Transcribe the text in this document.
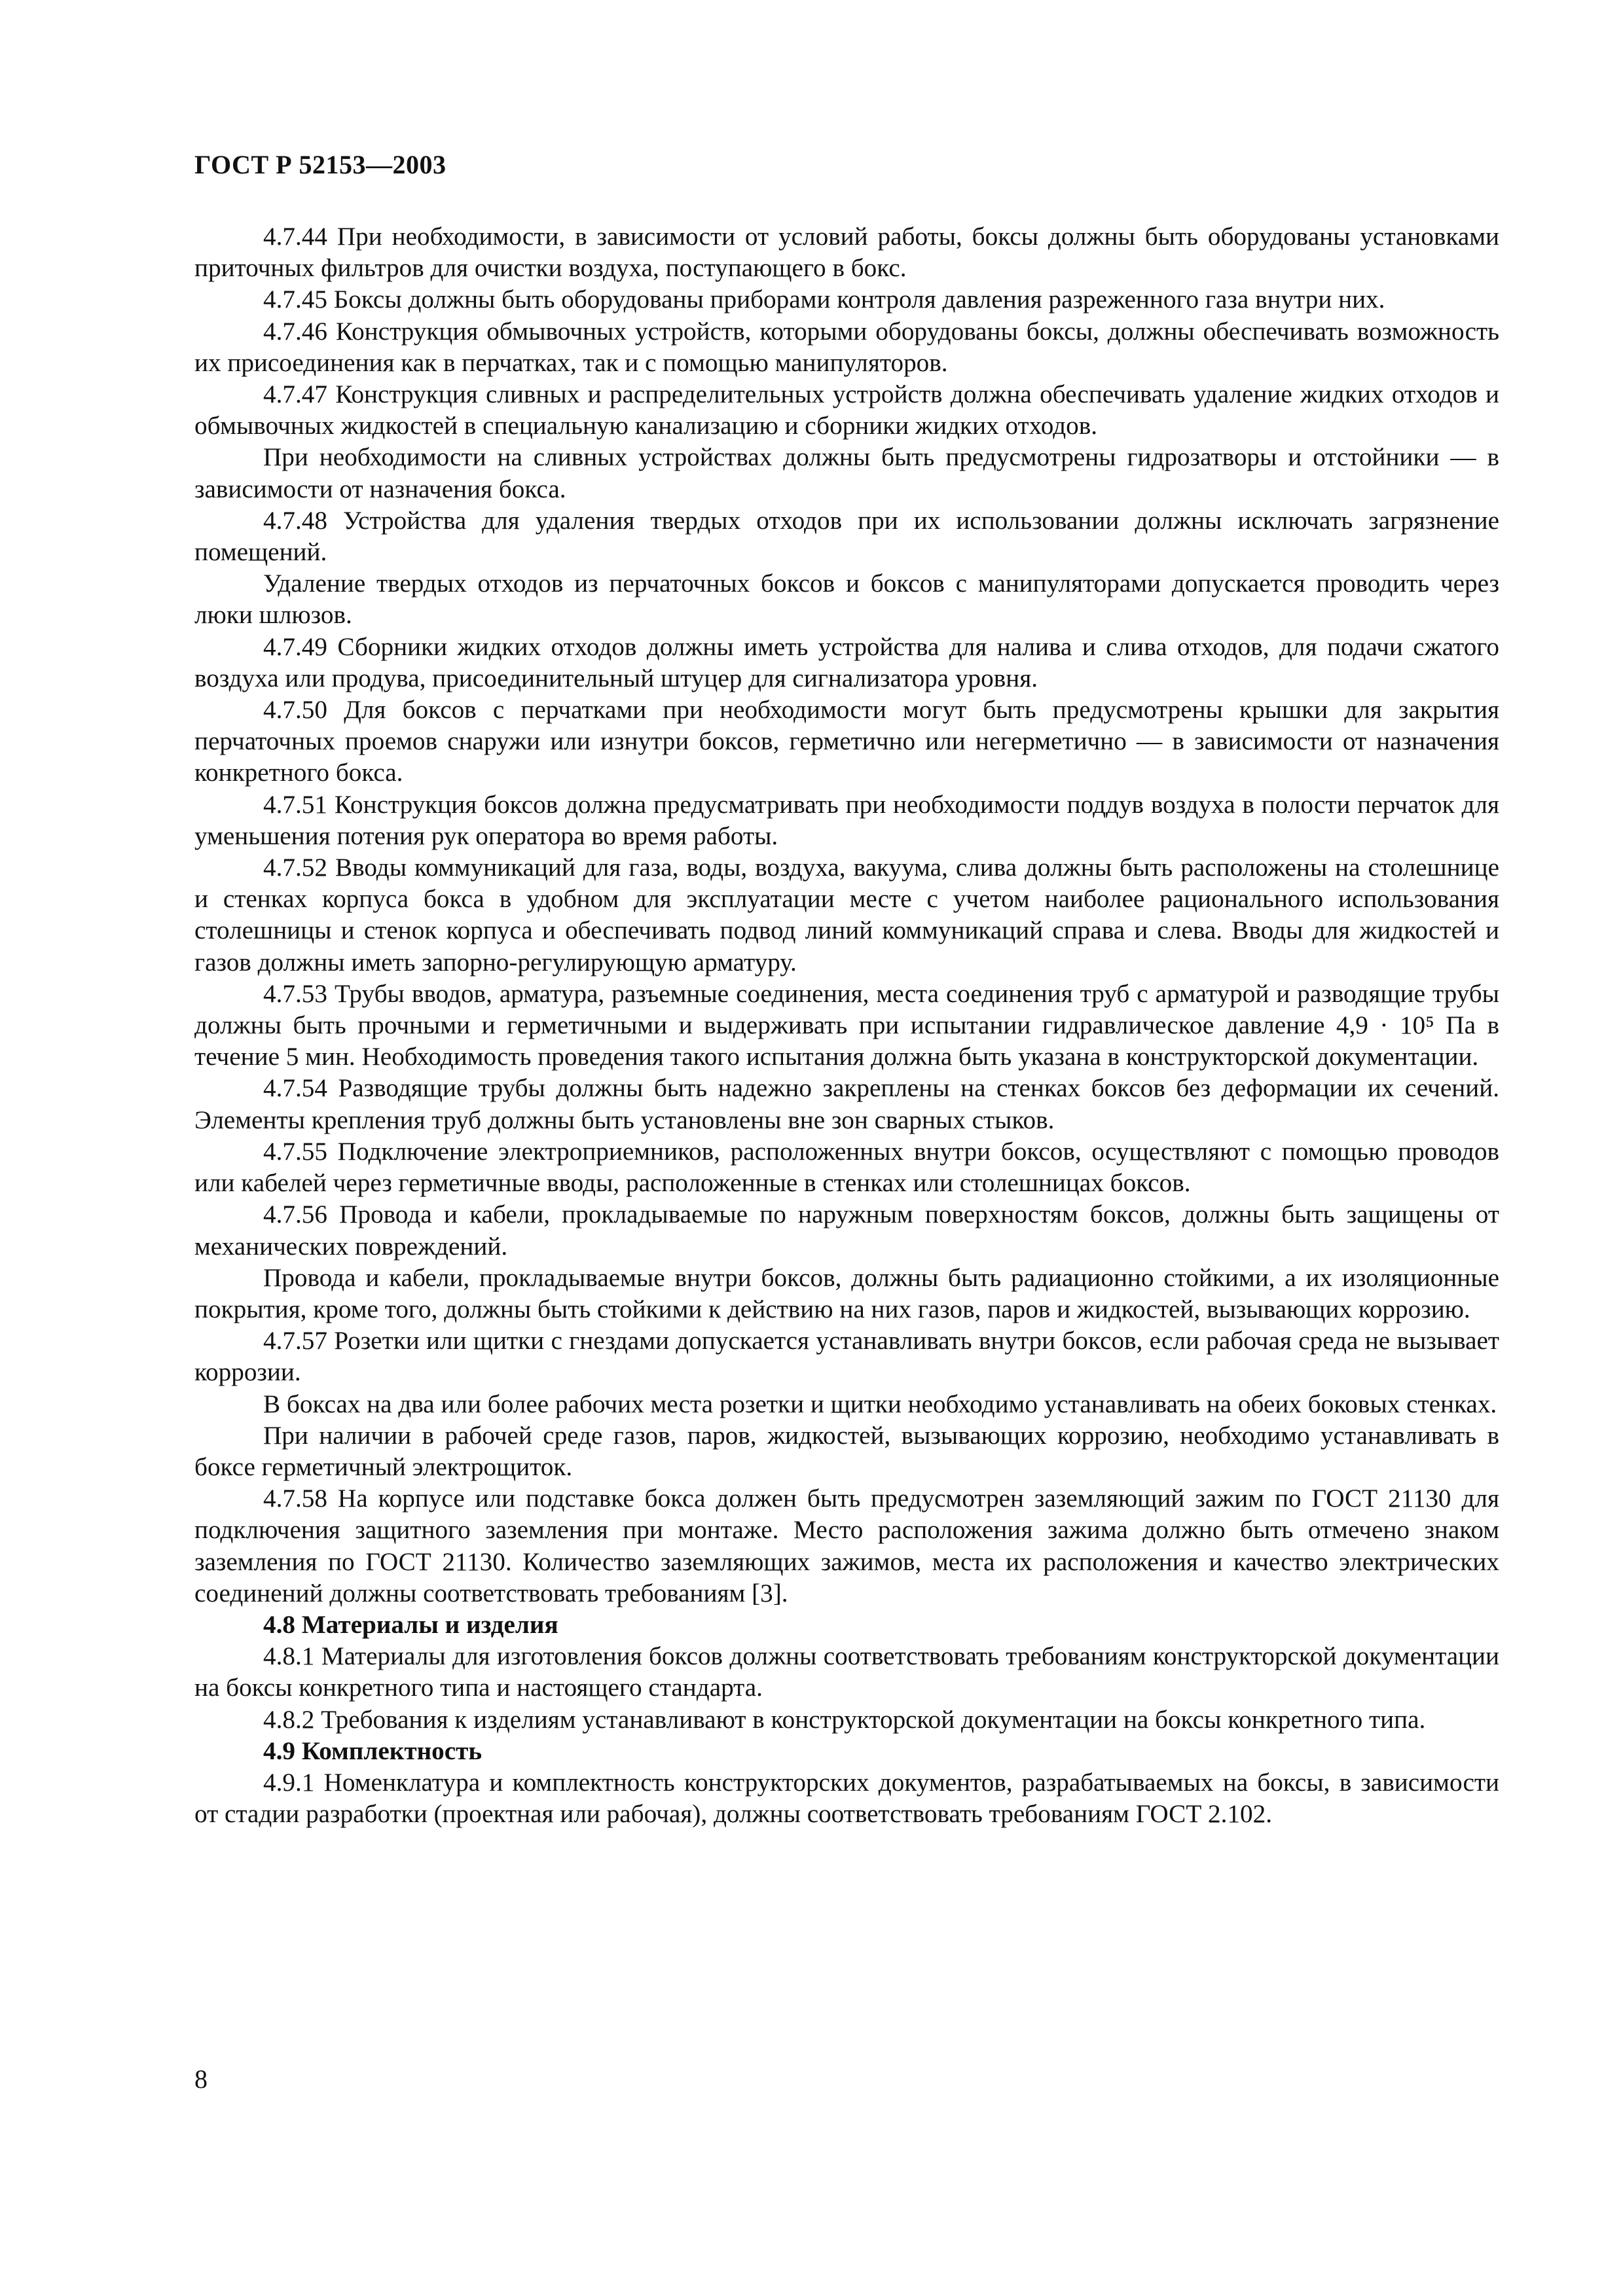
ГОСТ Р 52153—2003

4.7.44 При необходимости, в зависимости от условий работы, боксы должны быть оборудованы установками приточных фильтров для очистки воздуха, поступающего в бокс.

4.7.45 Боксы должны быть оборудованы приборами контроля давления разреженного газа внутри них.

4.7.46 Конструкция обмывочных устройств, которыми оборудованы боксы, должны обеспечивать возможность их присоединения как в перчатках, так и с помощью манипуляторов.

4.7.47 Конструкция сливных и распределительных устройств должна обеспечивать удаление жидких отходов и обмывочных жидкостей в специальную канализацию и сборники жидких отходов.

При необходимости на сливных устройствах должны быть предусмотрены гидрозатворы и отстойники — в зависимости от назначения бокса.

4.7.48 Устройства для удаления твердых отходов при их использовании должны исключать загрязнение помещений.

Удаление твердых отходов из перчаточных боксов и боксов с манипуляторами допускается проводить через люки шлюзов.

4.7.49 Сборники жидких отходов должны иметь устройства для налива и слива отходов, для подачи сжатого воздуха или продува, присоединительный штуцер для сигнализатора уровня.

4.7.50 Для боксов с перчатками при необходимости могут быть предусмотрены крышки для закрытия перчаточных проемов снаружи или изнутри боксов, герметично или негерметично — в зависимости от назначения конкретного бокса.

4.7.51 Конструкция боксов должна предусматривать при необходимости поддув воздуха в полости перчаток для уменьшения потения рук оператора во время работы.

4.7.52 Вводы коммуникаций для газа, воды, воздуха, вакуума, слива должны быть расположены на столешнице и стенках корпуса бокса в удобном для эксплуатации месте с учетом наиболее рационального использования столешницы и стенок корпуса и обеспечивать подвод линий коммуникаций справа и слева. Вводы для жидкостей и газов должны иметь запорно-регулирующую арматуру.

4.7.53 Трубы вводов, арматура, разъемные соединения, места соединения труб с арматурой и разводящие трубы должны быть прочными и герметичными и выдерживать при испытании гидравлическое давление 4,9 · 10⁵ Па в течение 5 мин. Необходимость проведения такого испытания должна быть указана в конструкторской документации.

4.7.54 Разводящие трубы должны быть надежно закреплены на стенках боксов без деформации их сечений. Элементы крепления труб должны быть установлены вне зон сварных стыков.

4.7.55 Подключение электроприемников, расположенных внутри боксов, осуществляют с помощью проводов или кабелей через герметичные вводы, расположенные в стенках или столешницах боксов.

4.7.56 Провода и кабели, прокладываемые по наружным поверхностям боксов, должны быть защищены от механических повреждений.

Провода и кабели, прокладываемые внутри боксов, должны быть радиационно стойкими, а их изоляционные покрытия, кроме того, должны быть стойкими к действию на них газов, паров и жидкостей, вызывающих коррозию.

4.7.57 Розетки или щитки с гнездами допускается устанавливать внутри боксов, если рабочая среда не вызывает коррозии.

В боксах на два или более рабочих места розетки и щитки необходимо устанавливать на обеих боковых стенках.

При наличии в рабочей среде газов, паров, жидкостей, вызывающих коррозию, необходимо устанавливать в боксе герметичный электрощиток.

4.7.58 На корпусе или подставке бокса должен быть предусмотрен заземляющий зажим по ГОСТ 21130 для подключения защитного заземления при монтаже. Место расположения зажима должно быть отмечено знаком заземления по ГОСТ 21130. Количество заземляющих зажимов, места их расположения и качество электрических соединений должны соответствовать требованиям [3].

4.8 Материалы и изделия

4.8.1 Материалы для изготовления боксов должны соответствовать требованиям конструкторской документации на боксы конкретного типа и настоящего стандарта.

4.8.2 Требования к изделиям устанавливают в конструкторской документации на боксы конкретного типа.

4.9 Комплектность

4.9.1 Номенклатура и комплектность конструкторских документов, разрабатываемых на боксы, в зависимости от стадии разработки (проектная или рабочая), должны соответствовать требованиям ГОСТ 2.102.

8
